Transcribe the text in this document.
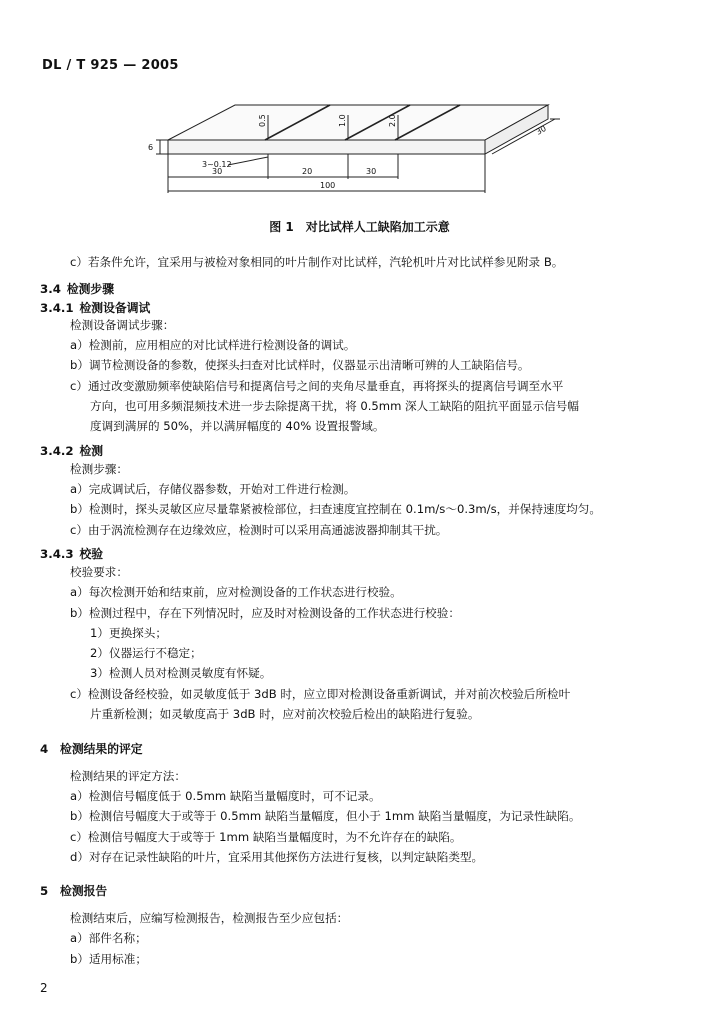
DL / T 925 — 2005
6
0.5	1.0	2.0
3~0.12
30	20	30
100
30
图 1　对比试样人工缺陷加工示意
c）若条件允许，宜采用与被检对象相同的叶片制作对比试样，汽轮机叶片对比试样参见附录 B。
3.4  检测步骤
3.4.1  检测设备调试
检测设备调试步骤：
a）检测前，应用相应的对比试样进行检测设备的调试。
b）调节检测设备的参数，使探头扫查对比试样时，仪器显示出清晰可辨的人工缺陷信号。
c）通过改变激励频率使缺陷信号和提离信号之间的夹角尽量垂直，再将探头的提离信号调至水平
方向，也可用多频混频技术进一步去除提离干扰，将 0.5mm 深人工缺陷的阻抗平面显示信号幅
度调到满屏的 50%，并以满屏幅度的 40% 设置报警域。
3.4.2  检测
检测步骤：
a）完成调试后，存储仪器参数，开始对工件进行检测。
b）检测时，探头灵敏区应尽量靠紧被检部位，扫查速度宜控制在 0.1m/s～0.3m/s，并保持速度均匀。
c）由于涡流检测存在边缘效应，检测时可以采用高通滤波器抑制其干扰。
3.4.3  校验
校验要求：
a）每次检测开始和结束前，应对检测设备的工作状态进行校验。
b）检测过程中，存在下列情况时，应及时对检测设备的工作状态进行校验：
1）更换探头；
2）仪器运行不稳定；
3）检测人员对检测灵敏度有怀疑。
c）检测设备经校验，如灵敏度低于 3dB 时，应立即对检测设备重新调试，并对前次校验后所检叶
片重新检测；如灵敏度高于 3dB 时，应对前次校验后检出的缺陷进行复验。
4  检测结果的评定
检测结果的评定方法：
a）检测信号幅度低于 0.5mm 缺陷当量幅度时，可不记录。
b）检测信号幅度大于或等于 0.5mm 缺陷当量幅度，但小于 1mm 缺陷当量幅度，为记录性缺陷。
c）检测信号幅度大于或等于 1mm 缺陷当量幅度时，为不允许存在的缺陷。
d）对存在记录性缺陷的叶片，宜采用其他探伤方法进行复核，以判定缺陷类型。
5  检测报告
检测结束后，应编写检测报告，检测报告至少应包括：
a）部件名称；
b）适用标准；
2
